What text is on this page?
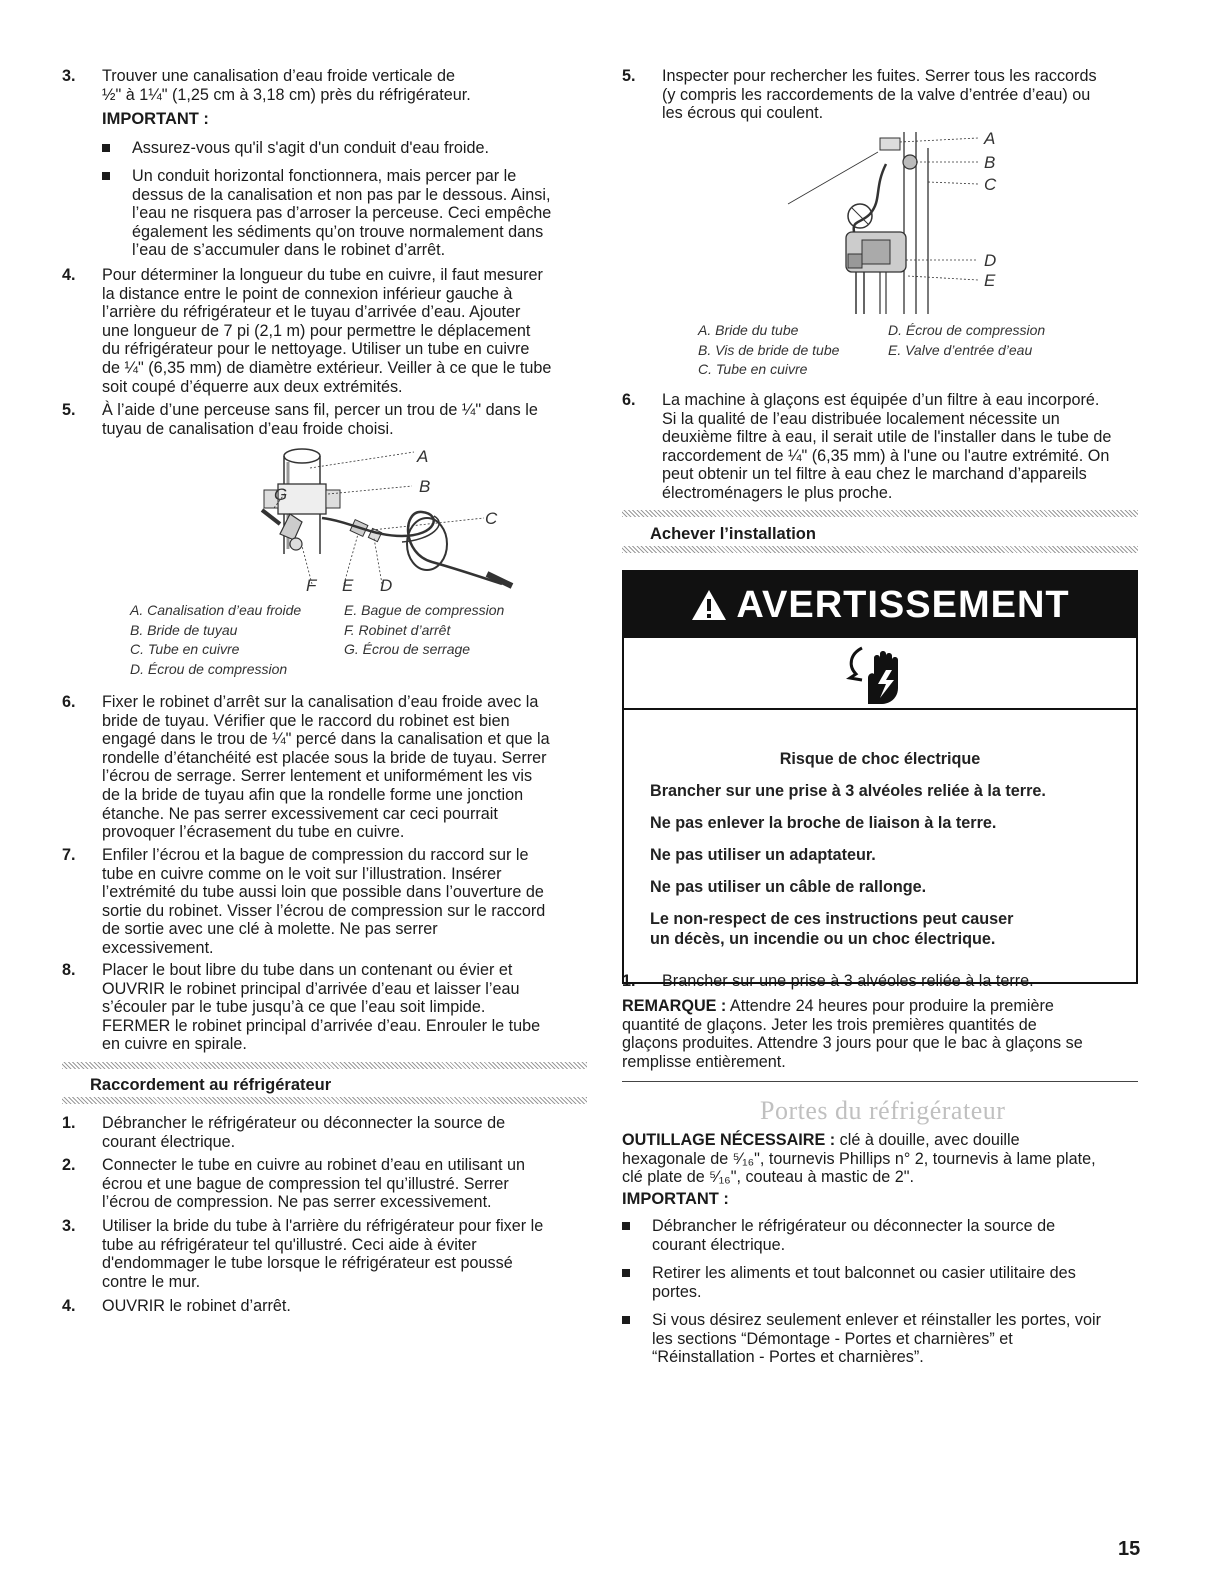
3. Trouver une canalisation d’eau froide verticale de
½" à 1¼" (1,25 cm à 3,18 cm) près du réfrigérateur.
IMPORTANT :
Assurez-vous qu'il s'agit d'un conduit d'eau froide.
Un conduit horizontal fonctionnera, mais percer par le
dessus de la canalisation et non pas par le dessous. Ainsi,
l’eau ne risquera pas d’arroser la perceuse. Ceci empêche
également les sédiments qu’on trouve normalement dans
l’eau de s’accumuler dans le robinet d’arrêt.
4. Pour déterminer la longueur du tube en cuivre, il faut mesurer
la distance entre le point de connexion inférieur gauche à
l’arrière du réfrigérateur et le tuyau d’arrivée d’eau. Ajouter
une longueur de 7 pi (2,1 m) pour permettre le déplacement
du réfrigérateur pour le nettoyage. Utiliser un tube en cuivre
de ¼" (6,35 mm) de diamètre extérieur. Veiller à ce que le tube
soit coupé d’équerre aux deux extrémités.
5. À l’aide d’une perceuse sans fil, percer un trou de ¼" dans le
tuyau de canalisation d’eau froide choisi.
A
B
C
D
E
F
G
A. Canalisation d’eau froide
B. Bride de tuyau
C. Tube en cuivre
D. Écrou de compression
E. Bague de compression
F. Robinet d’arrêt
G. Écrou de serrage
6. Fixer le robinet d’arrêt sur la canalisation d’eau froide avec la
bride de tuyau. Vérifier que le raccord du robinet est bien
engagé dans le trou de ¼" percé dans la canalisation et que la
rondelle d’étanchéité est placée sous la bride de tuyau. Serrer
l’écrou de serrage. Serrer lentement et uniformément les vis
de la bride de tuyau afin que la rondelle forme une jonction
étanche. Ne pas serrer excessivement car ceci pourrait
provoquer l’écrasement du tube en cuivre.
7. Enfiler l’écrou et la bague de compression du raccord sur le
tube en cuivre comme on le voit sur l’illustration. Insérer
l’extrémité du tube aussi loin que possible dans l’ouverture de
sortie du robinet. Visser l’écrou de compression sur le raccord
de sortie avec une clé à molette. Ne pas serrer
excessivement.
8. Placer le bout libre du tube dans un contenant ou évier et
OUVRIR le robinet principal d’arrivée d’eau et laisser l’eau
s’écouler par le tube jusqu’à ce que l’eau soit limpide.
FERMER le robinet principal d’arrivée d’eau. Enrouler le tube
en cuivre en spirale.
Raccordement au réfrigérateur
1. Débrancher le réfrigérateur ou déconnecter la source de
courant électrique.
2. Connecter le tube en cuivre au robinet d’eau en utilisant un
écrou et une bague de compression tel qu’illustré. Serrer
l’écrou de compression. Ne pas serrer excessivement.
3. Utiliser la bride du tube à l'arrière du réfrigérateur pour fixer le
tube au réfrigérateur tel qu'illustré. Ceci aide à éviter
d'endommager le tube lorsque le réfrigérateur est poussé
contre le mur.
4. OUVRIR le robinet d’arrêt.
5. Inspecter pour rechercher les fuites. Serrer tous les raccords
(y compris les raccordements de la valve d’entrée d’eau) ou
les écrous qui coulent.
A
B
C
D
E
A. Bride du tube
B. Vis de bride de tube
C. Tube en cuivre
D. Écrou de compression
E. Valve d’entrée d’eau
6. La machine à glaçons est équipée d’un filtre à eau incorporé.
Si la qualité de l’eau distribuée localement nécessite un
deuxième filtre à eau, il serait utile de l'installer dans le tube de
raccordement de ¼" (6,35 mm) à l'une ou l'autre extrémité. On
peut obtenir un tel filtre à eau chez le marchand d’appareils
électroménagers le plus proche.
Achever l’installation
1. Brancher sur une prise à 3 alvéoles reliée à la terre.
REMARQUE : Attendre 24 heures pour produire la première
quantité de glaçons. Jeter les trois premières quantités de
glaçons produites. Attendre 3 jours pour que le bac à glaçons se
remplisse entièrement.
OUTILLAGE NÉCESSAIRE : clé à douille, avec douille
hexagonale de ⁵⁄₁₆", tournevis Phillips n° 2, tournevis à lame plate,
clé plate de ⁵⁄₁₆", couteau à mastic de 2".
IMPORTANT :
Débrancher le réfrigérateur ou déconnecter la source de
courant électrique.
Retirer les aliments et tout balconnet ou casier utilitaire des
portes.
Si vous désirez seulement enlever et réinstaller les portes, voir
les sections “Démontage - Portes et charnières” et
“Réinstallation - Portes et charnières”.
AVERTISSEMENT
Risque de choc électrique
Brancher sur une prise à 3 alvéoles reliée à la terre.
Ne pas enlever la broche de liaison à la terre.
Ne pas utiliser un adaptateur.
Ne pas utiliser un câble de rallonge.
Le non-respect de ces instructions peut causer
un décès, un incendie ou un choc électrique.
Portes du réfrigérateur
15
